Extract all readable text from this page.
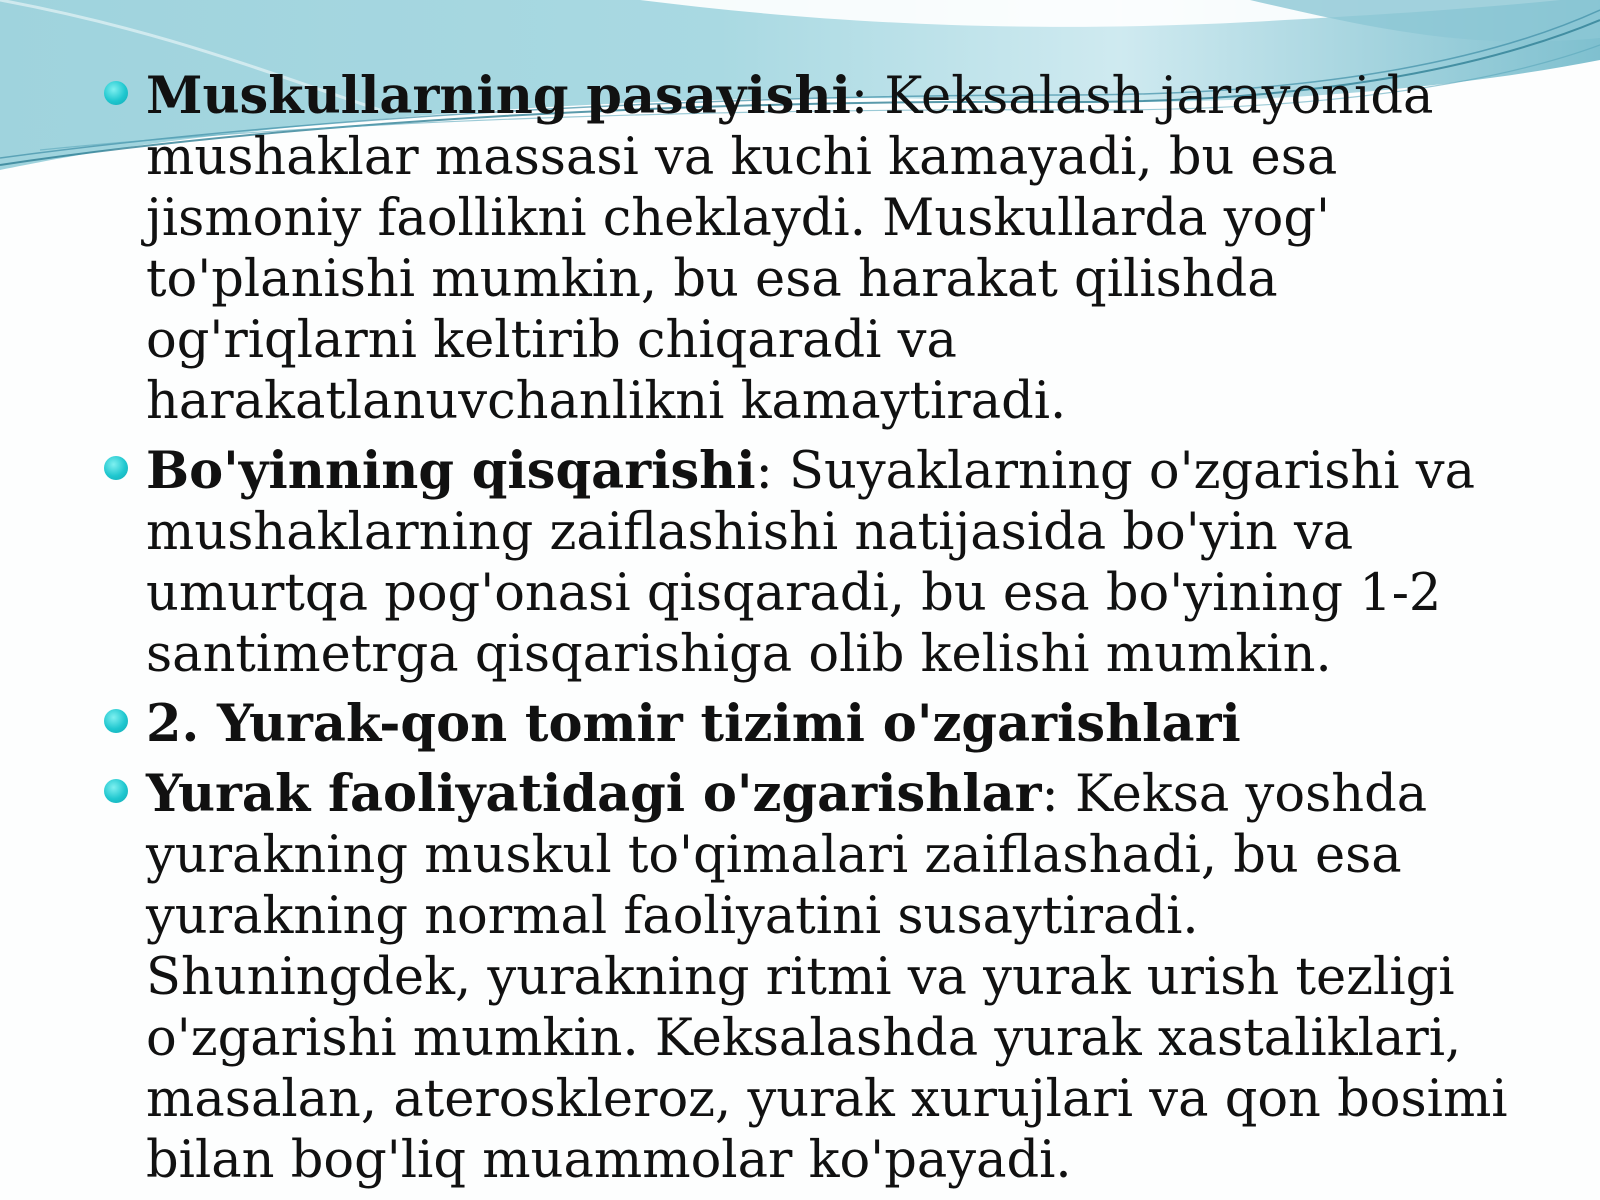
Muskullarning pasayishi: Keksalash jarayonida mushaklar massasi va kuchi kamayadi, bu esa jismoniy faollikni cheklaydi. Muskullarda yog' to'planishi mumkin, bu esa harakat qilishda og'riqlarni keltirib chiqaradi va harakatlanuvchanlikni kamaytiradi.
Bo'yinning qisqarishi: Suyaklarning o'zgarishi va mushaklarning zaiflashishi natijasida bo'yin va umurtqa pog'onasi qisqaradi, bu esa bo'yining 1-2 santimetrga qisqarishiga olib kelishi mumkin.
2. Yurak-qon tomir tizimi o'zgarishlari
Yurak faoliyatidagi o'zgarishlar: Keksa yoshda yurakning muskul to'qimalari zaiflashadi, bu esa yurakning normal faoliyatini susaytiradi. Shuningdek, yurakning ritmi va yurak urish tezligi o'zgarishi mumkin. Keksalashda yurak xastaliklari, masalan, ateroskleroz, yurak xurujlari va qon bosimi bilan bog'liq muammolar ko'payadi.
